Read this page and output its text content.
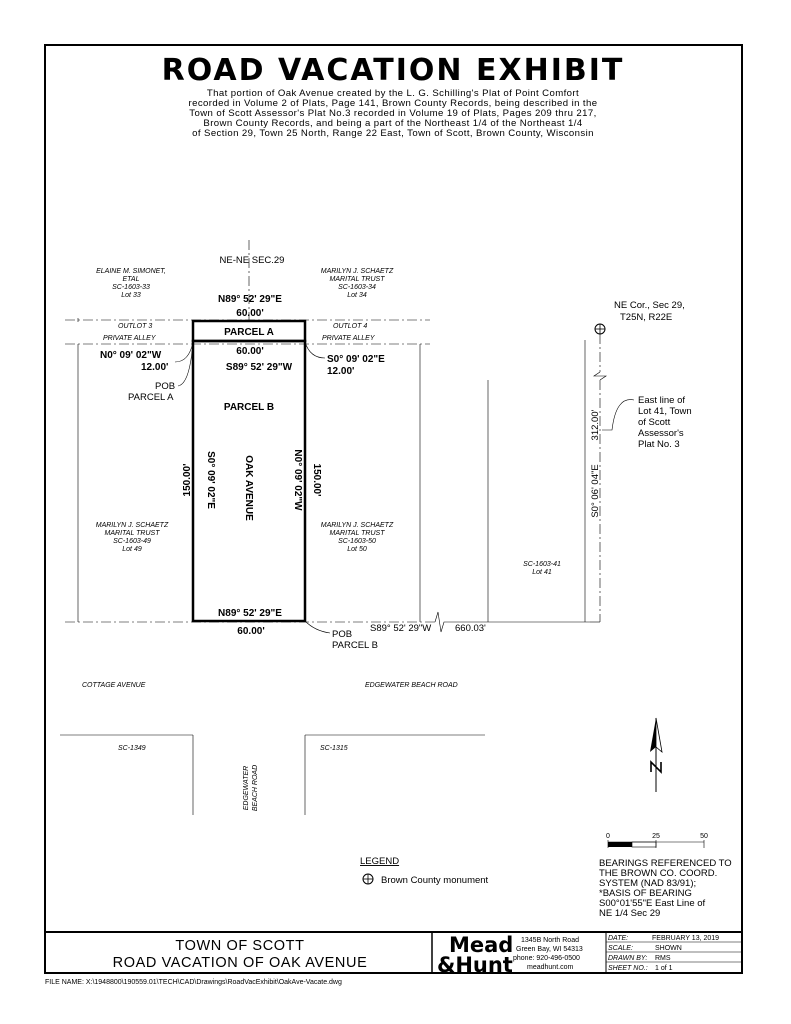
ROAD VACATION EXHIBIT
That portion of Oak Avenue created by the L. G. Schilling's Plat of Point Comfort
recorded in Volume 2 of Plats, Page 141, Brown County Records, being described in the
Town of Scott Assessor's Plat No.3 recorded in Volume 19 of Plats, Pages 209 thru 217,
Brown County Records, and being a part of the Northeast 1/4 of the Northeast 1/4
of Section 29, Town 25 North, Range 22 East, Town of Scott, Brown County, Wisconsin
NE-NE SEC.29
NE Cor., Sec 29,
T25N, R22E
ELAINE M. SIMONET,
ETAL
SC-1603-33
Lot 33
MARILYN J. SCHAETZ
MARITAL TRUST
SC-1603-34
Lot 34
MARILYN J. SCHAETZ
MARITAL TRUST
SC-1603-49
Lot 49
MARILYN J. SCHAETZ
MARITAL TRUST
SC-1603-50
Lot 50
SC-1603-41
Lot 41
OUTLOT 3
PRIVATE ALLEY
OUTLOT 4
PRIVATE ALLEY
PARCEL A
PARCEL B
N89° 52' 29"E
60.00'
60.00'
S89° 52' 29"W
N0° 09' 02"W
12.00'
S0° 09' 02"E
12.00'
POB
PARCEL A
150.00' S0° 09' 02"E	OAK AVENUE	N0° 09' 02"W 150.00'
N89° 52' 29"E
60.00'	POB
PARCEL B
S89° 52' 29"W 660.03'
312.00'
S0° 06' 04"E
East line of
Lot 41, Town
of Scott
Assessor's
Plat No. 3
COTTAGE AVENUE	EDGEWATER BEACH ROAD
SC-1349	SC-1315
EDGEWATER BEACH ROAD
0	25	50
BEARINGS REFERENCED TO
THE BROWN CO. COORD.
SYSTEM (NAD 83/91);
*BASIS OF BEARING
S00°01'55"E East Line of
NE 1/4 Sec 29
LEGEND
Brown County monument
TOWN OF SCOTT
ROAD VACATION OF OAK AVENUE
Mead
&Hunt
1345B North Road
Green Bay, WI 54313
phone: 920-496-0500
meadhunt.com
DATE:	FEBRUARY 13, 2019
SCALE:	SHOWN
DRAWN BY: RMS
SHEET NO.: 1 of 1
FILE NAME: X:\1948800\190559.01\TECH\CAD\Drawings\RoadVacExhibit\OakAve-Vacate.dwg
